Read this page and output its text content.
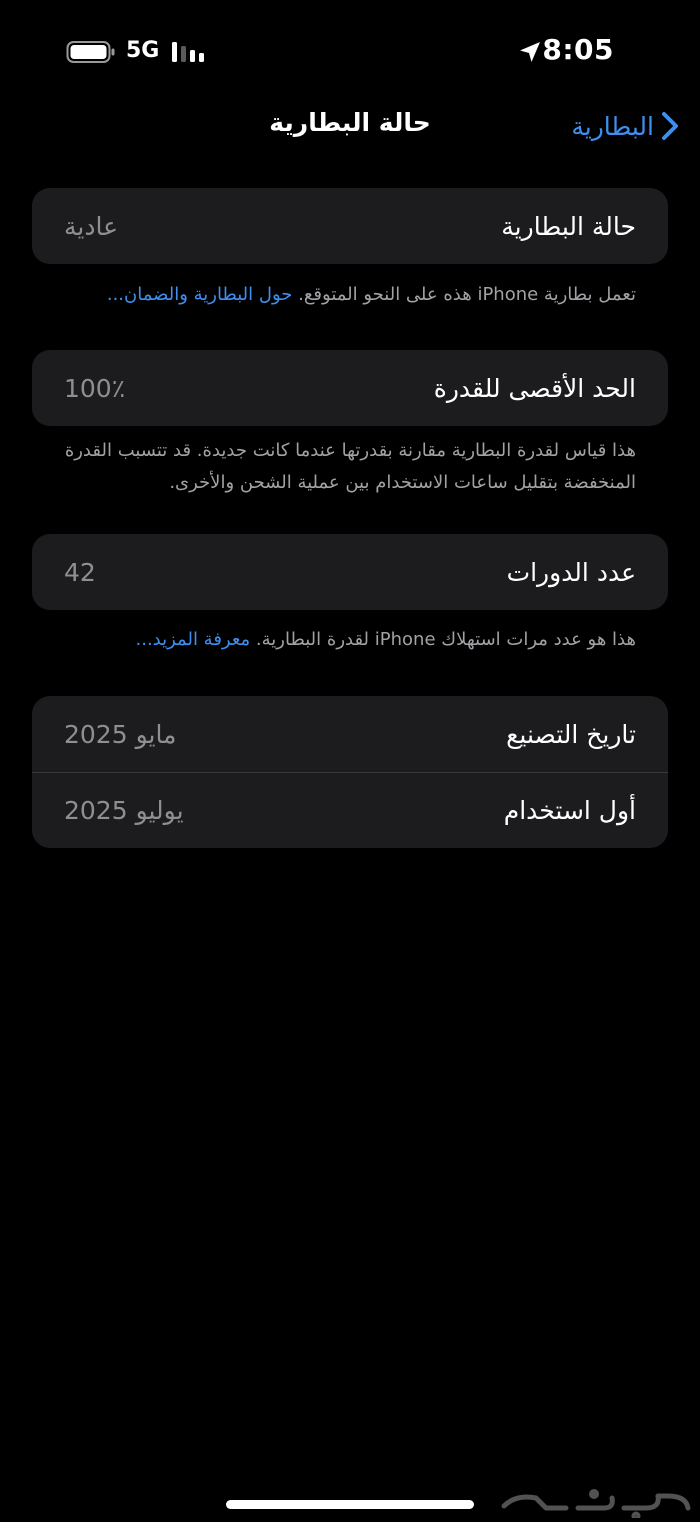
5G	8:05
حالة البطارية	البطارية
حالة البطارية
عادية
تعمل بطارية iPhone هذه على النحو المتوقع. حول البطارية والضمان...
الحد الأقصى للقدرة
100٪
هذا قياس لقدرة البطارية مقارنة بقدرتها عندما كانت جديدة. قد تتسبب القدرة المنخفضة بتقليل ساعات الاستخدام بين عملية الشحن والأخرى.
عدد الدورات
42
هذا هو عدد مرات استهلاك iPhone لقدرة البطارية. معرفة المزيد...
تاريخ التصنيع
مايو 2025
أول استخدام
يوليو 2025
